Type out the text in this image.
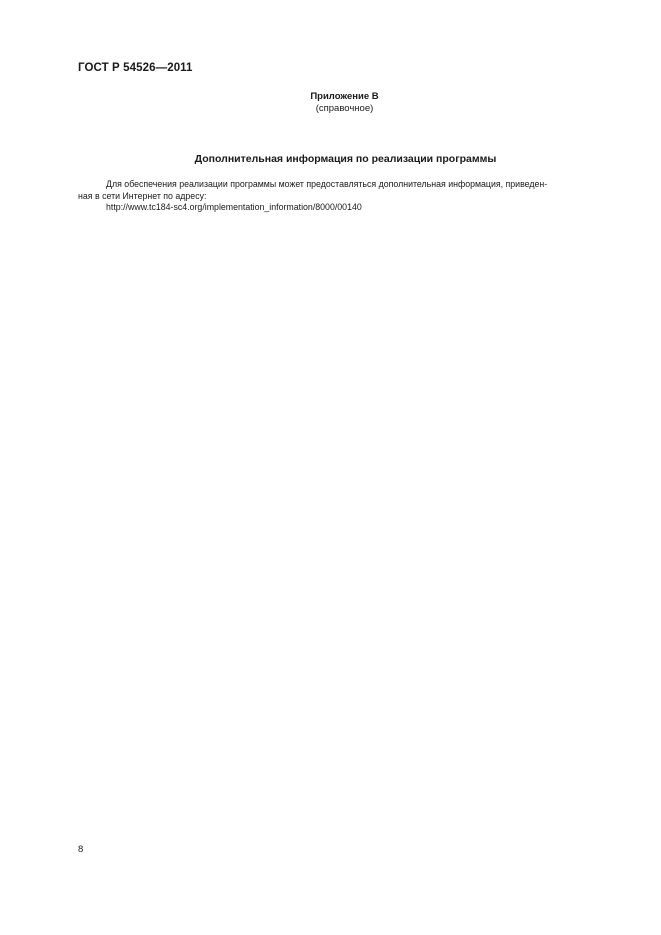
ГОСТ Р 54526—2011
Приложение В
(справочное)
Дополнительная информация по реализации программы

Для обеспечения реализации программы может предоставляться дополнительная информация, приведен-
ная в сети Интернет по адресу:

http://www.tc184-sc4.org/implementation_information/8000/00140

8
